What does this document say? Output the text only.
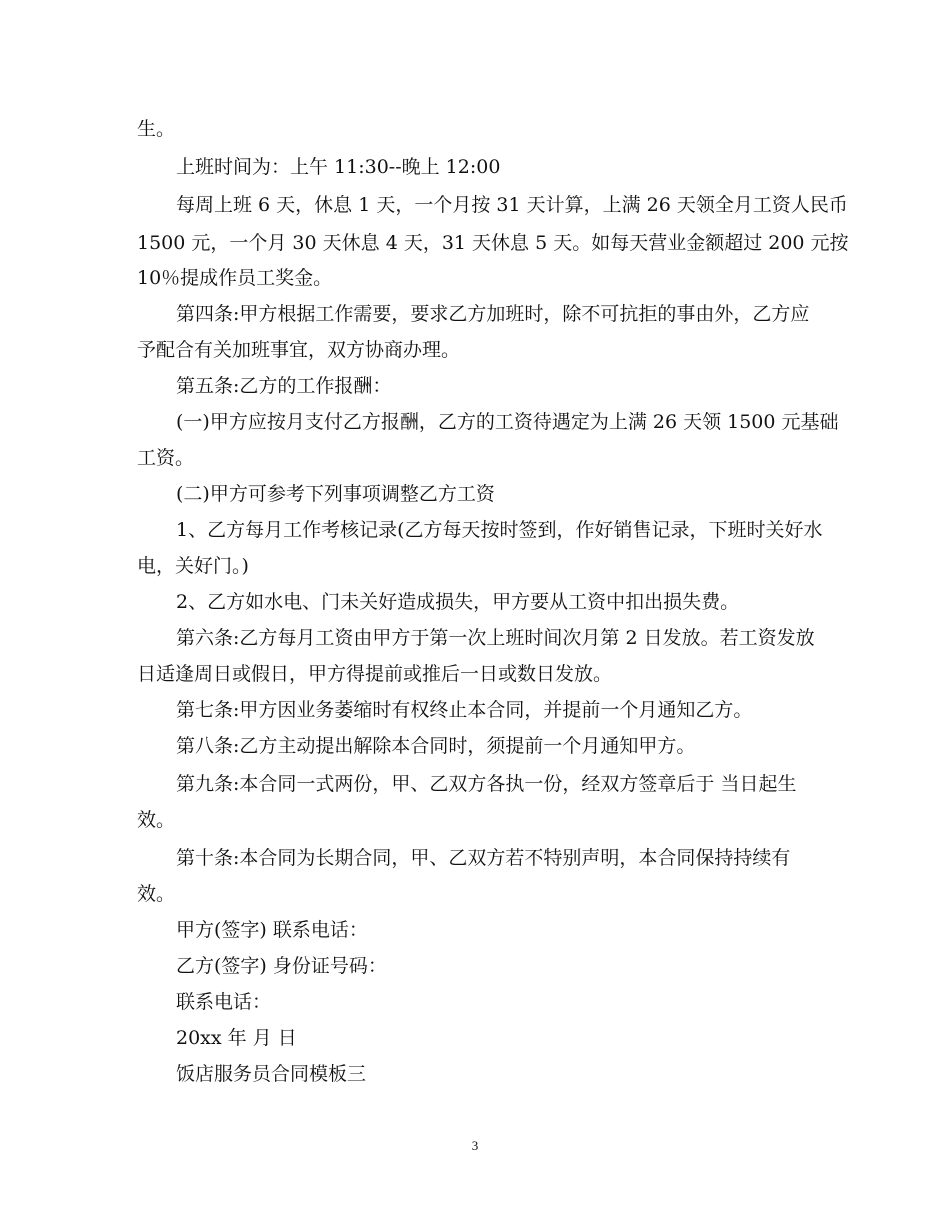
生。
上班时间为：上午 11:30--晚上 12:00
每周上班 6 天，休息 1 天，一个月按 31 天计算，上满 26 天领全月工资人民币
1500 元，一个月 30 天休息 4 天，31 天休息 5 天。如每天营业金额超过 200 元按
10％提成作员工奖金。
第四条:甲方根据工作需要，要求乙方加班时，除不可抗拒的事由外，乙方应
予配合有关加班事宜，双方协商办理。
第五条:乙方的工作报酬：
(一)甲方应按月支付乙方报酬，乙方的工资待遇定为上满 26 天领 1500 元基础
工资。
(二)甲方可参考下列事项调整乙方工资
1、乙方每月工作考核记录(乙方每天按时签到，作好销售记录，下班时关好水
电，关好门。)
2、乙方如水电、门未关好造成损失，甲方要从工资中扣出损失费。
第六条:乙方每月工资由甲方于第一次上班时间次月第 2 日发放。若工资发放
日适逢周日或假日，甲方得提前或推后一日或数日发放。
第七条:甲方因业务萎缩时有权终止本合同，并提前一个月通知乙方。
第八条:乙方主动提出解除本合同时，须提前一个月通知甲方。
第九条:本合同一式两份，甲、乙双方各执一份，经双方签章后于 当日起生
效。
第十条:本合同为长期合同，甲、乙双方若不特别声明，本合同保持持续有
效。
甲方(签字) 联系电话：
乙方(签字) 身份证号码：
联系电话：
20xx 年 月 日
饭店服务员合同模板三
3
